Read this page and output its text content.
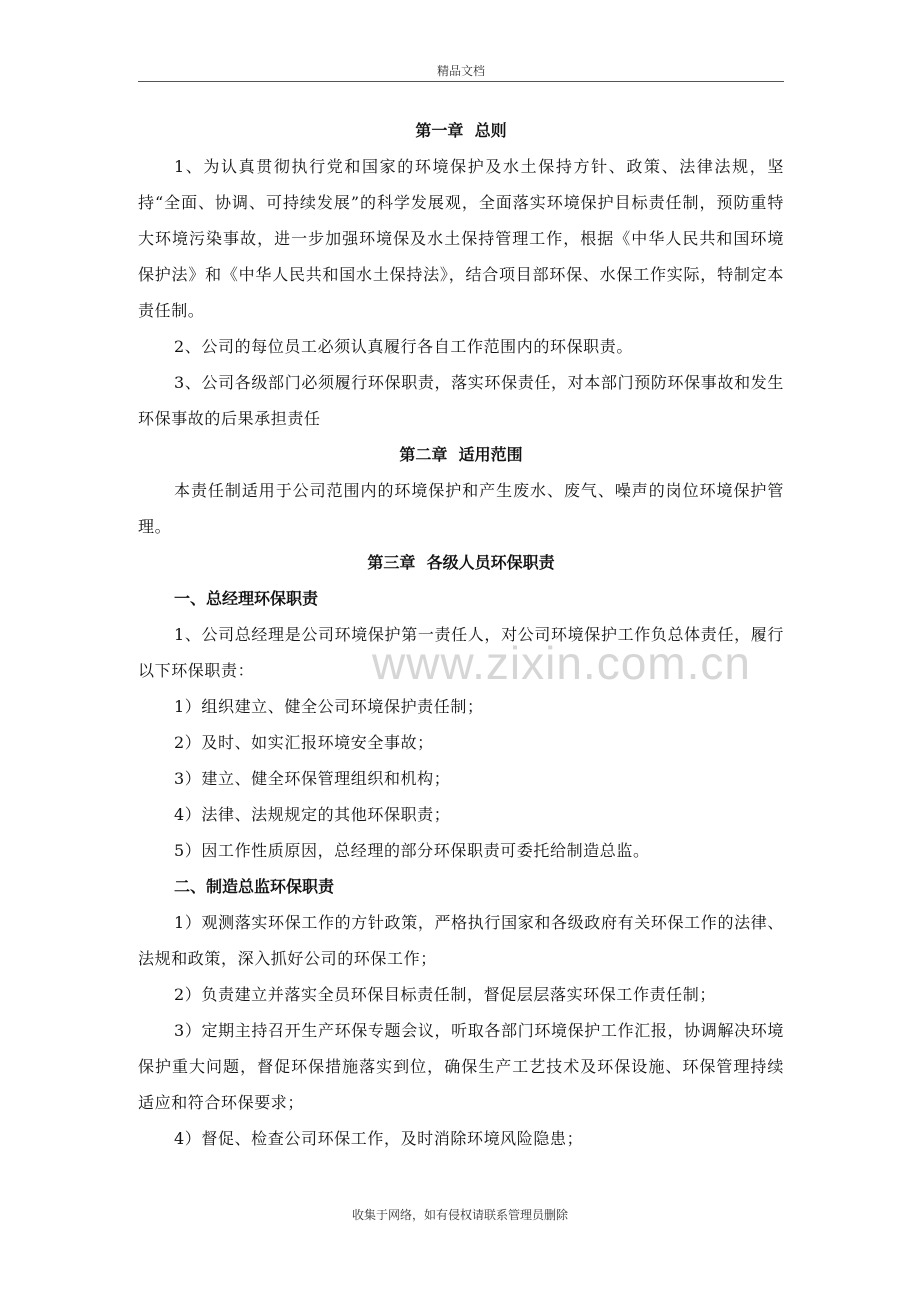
精品文档
第一章  总则

1、为认真贯彻执行党和国家的环境保护及水土保持方针、政策、法律法规，坚持“全面、协调、可持续发展”的科学发展观，全面落实环境保护目标责任制，预防重特大环境污染事故，进一步加强环境保及水土保持管理工作，根据《中华人民共和国环境保护法》和《中华人民共和国水土保持法》，结合项目部环保、水保工作实际，特制定本责任制。

2、公司的每位员工必须认真履行各自工作范围内的环保职责。

3、公司各级部门必须履行环保职责，落实环保责任，对本部门预防环保事故和发生环保事故的后果承担责任

第二章  适用范围

本责任制适用于公司范围内的环境保护和产生废水、废气、噪声的岗位环境保护管理。

第三章  各级人员环保职责
一、总经理环保职责

1、公司总经理是公司环境保护第一责任人，对公司环境保护工作负总体责任，履行以下环保职责：

1）组织建立、健全公司环境保护责任制；

2）及时、如实汇报环境安全事故；

3）建立、健全环保管理组织和机构；

4）法律、法规规定的其他环保职责；

5）因工作性质原因，总经理的部分环保职责可委托给制造总监。

二、制造总监环保职责

1）观测落实环保工作的方针政策，严格执行国家和各级政府有关环保工作的法律、法规和政策，深入抓好公司的环保工作；

2）负责建立并落实全员环保目标责任制，督促层层落实环保工作责任制；

3）定期主持召开生产环保专题会议，听取各部门环境保护工作汇报，协调解决环境保护重大问题，督促环保措施落实到位，确保生产工艺技术及环保设施、环保管理持续适应和符合环保要求；

4）督促、检查公司环保工作，及时消除环境风险隐患；

www.zixin.com.cn
收集于网络，如有侵权请联系管理员删除
